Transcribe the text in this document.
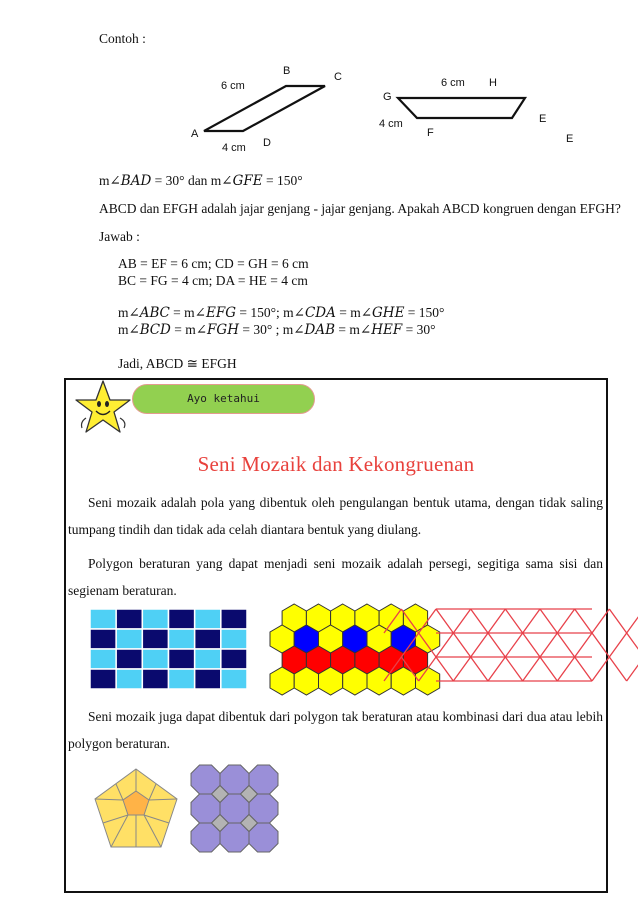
Contoh :
B	C
A
D
6 cm
4 cm
6 cm H
G
E
E
4 cm
F
m∠𝐵𝐴𝐷 = 30° dan m∠𝐺𝐹𝐸 = 150°
ABCD dan EFGH adalah jajar genjang - jajar genjang. Apakah ABCD kongruen dengan EFGH?
Jawab :
AB = EF = 6 cm; CD = GH = 6 cm
BC = FG = 4 cm; DA = HE = 4 cm
m∠𝐴𝐵𝐶 = m∠𝐸𝐹𝐺 = 150°; m∠𝐶𝐷𝐴 = m∠𝐺𝐻𝐸 = 150°
m∠𝐵𝐶𝐷 = m∠𝐹𝐺𝐻 = 30° ; m∠𝐷𝐴𝐵 = m∠𝐻𝐸𝐹 = 30°
Jadi, ABCD ≅ EFGH
Ayo ketahui
Seni Mozaik dan Kekongruenan
Seni mozaik adalah pola yang dibentuk oleh pengulangan bentuk utama, dengan tidak saling tumpang tindih dan tidak ada celah diantara bentuk yang diulang.
Polygon beraturan yang dapat menjadi seni mozaik adalah persegi, segitiga sama sisi dan segienam beraturan.
Seni mozaik juga dapat dibentuk dari polygon tak beraturan atau kombinasi dari dua atau lebih polygon beraturan.
